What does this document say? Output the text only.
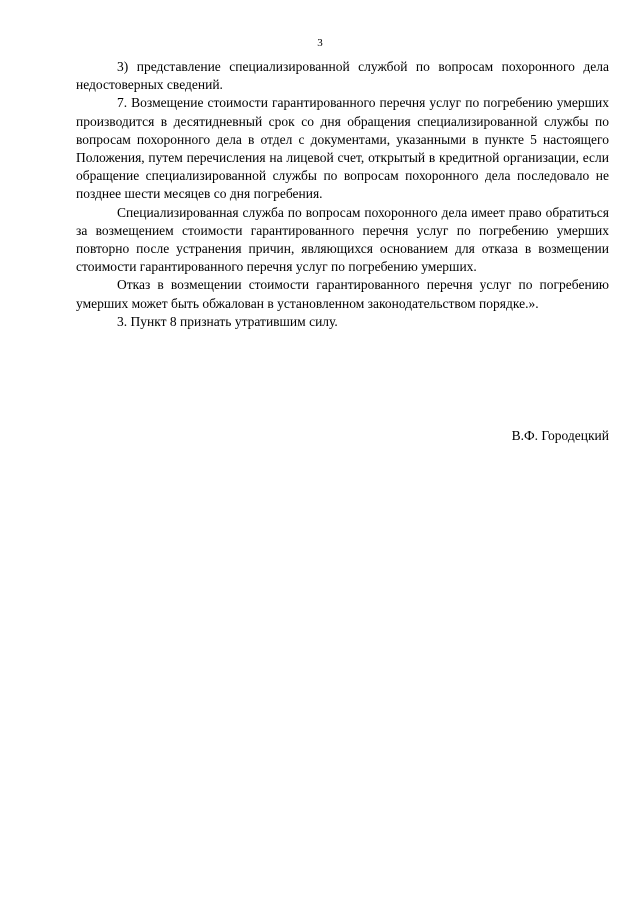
3

3) представление специализированной службой по вопросам похоронного дела недостоверных сведений.

7. Возмещение стоимости гарантированного перечня услуг по погребению умерших производится в десятидневный срок со дня обращения специализированной службы по вопросам похоронного дела в отдел с документами, указанными в пункте 5 настоящего Положения, путем перечисления на лицевой счет, открытый в кредитной организации, если обращение специализированной службы по вопросам похоронного дела последовало не позднее шести месяцев со дня погребения.

Специализированная служба по вопросам похоронного дела имеет право обратиться за возмещением стоимости гарантированного перечня услуг по погребению умерших повторно после устранения причин, являющихся основанием для отказа в возмещении стоимости гарантированного перечня услуг по погребению умерших.

Отказ в возмещении стоимости гарантированного перечня услуг по погребению умерших может быть обжалован в установленном законодательством порядке.».

3. Пункт 8 признать утратившим силу.

В.Ф. Городецкий
